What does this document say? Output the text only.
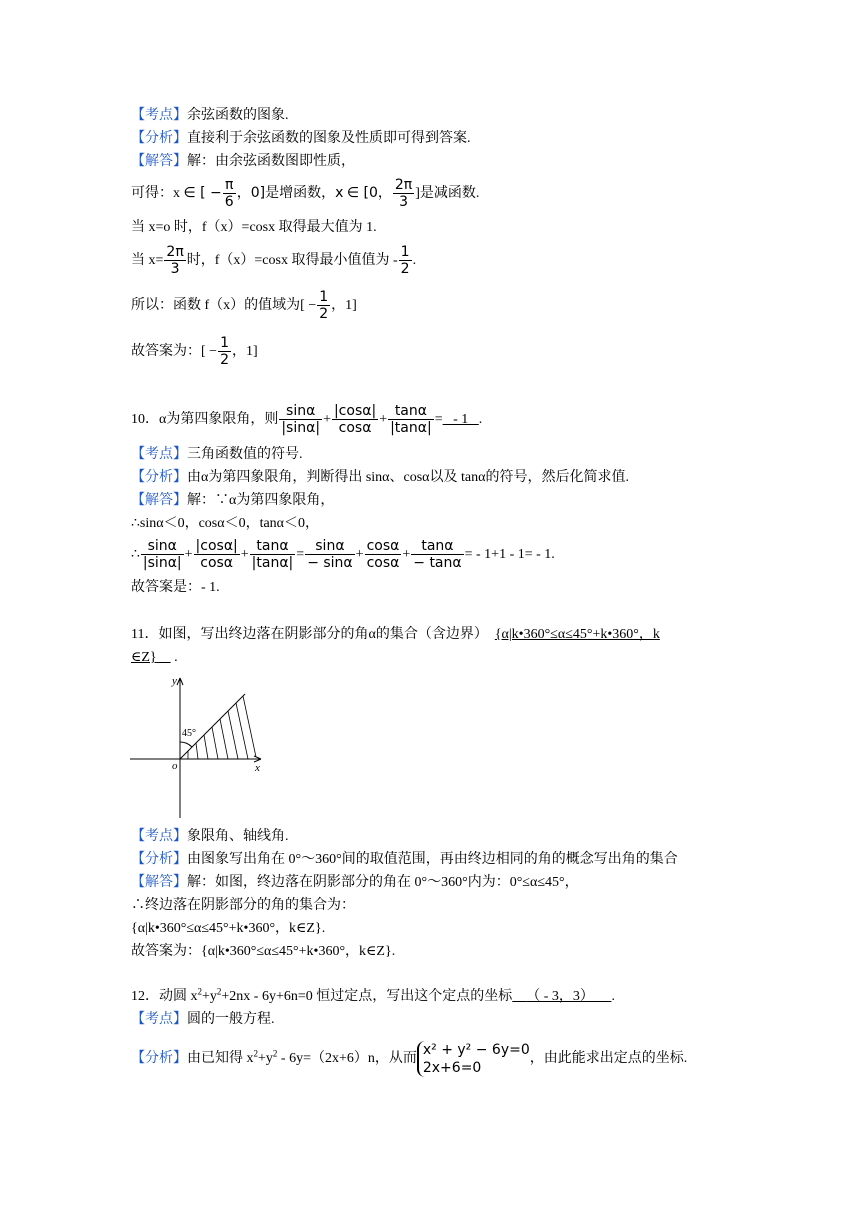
【考点】余弦函数的图象.
【分析】直接利于余弦函数的图象及性质即可得到答案.
【解答】解：由余弦函数图即性质，
可得：x ∈ [ − $\frac{\pi}{6}$ ，0]是增函数，x ∈ [0， $\frac{2\pi}{3}$ ]是减函数.
当 x=o 时，f（x）=cosx 取得最大值为 1.
当 $x= \frac{2\pi}{3}$ 时，f（x）=cosx 取得最小值值为 - $\frac{1}{2}$ .
所以：函数 f（x）的值域为[ − $\frac{1}{2}$ ，1]
故答案为：[ − $\frac{1}{2}$ ，1]
10．α为第四象限角，则 $\frac{\sin\alpha}{|\sin\alpha|} + \frac{|\cos\alpha|}{\cos\alpha} + \frac{\tan\alpha}{|\tan\alpha|}$ =   - 1   .
【考点】三角函数值的符号.
【分析】由α为第四象限角，判断得出 sinα、cosα以及 tanα的符号，然后化简求值.
【解答】解：∵α为第四象限角，
∴sinα＜0，cosα＜0，tanα＜0，
∴ $\frac{\sin\alpha}{|\sin\alpha|} + \frac{|\cos\alpha|}{\cos\alpha} + \frac{\tan\alpha}{|\tan\alpha|} = \frac{\sin\alpha}{- \sin\alpha} + \frac{\cos\alpha}{\cos\alpha} + \frac{\tan\alpha}{- \tan\alpha}$ = - 1+1 - 1= - 1.
故答案是：- 1.
11．如图，写出终边落在阴影部分的角α的集合（含边界） {α|k•360°≤α≤45°+k•360°，k
∈Z}     .
y
o	x
45°
【考点】象限角、轴线角.
【分析】由图象写出角在 0°～360°间的取值范围，再由终边相同的角的概念写出角的集合
【解答】解：如图，终边落在阴影部分的角在 0°～360°内为：0°≤α≤45°，
∴终边落在阴影部分的角的集合为：
{α|k•360°≤α≤45°+k•360°，k∈Z}.
故答案为：{α|k•360°≤α≤45°+k•360°，k∈Z}.
12．动圆 $x^2+y^2+2nx - 6y+6n=0$ 恒过定点，写出这个定点的坐标 （ - 3，3） .
【考点】圆的一般方程.
【分析】由已知得 $x^2+y^2 - 6y=(2x+6)n$，从而
x² + y² − 6y=0
2x+6=0
，由此能求出定点的坐标.
